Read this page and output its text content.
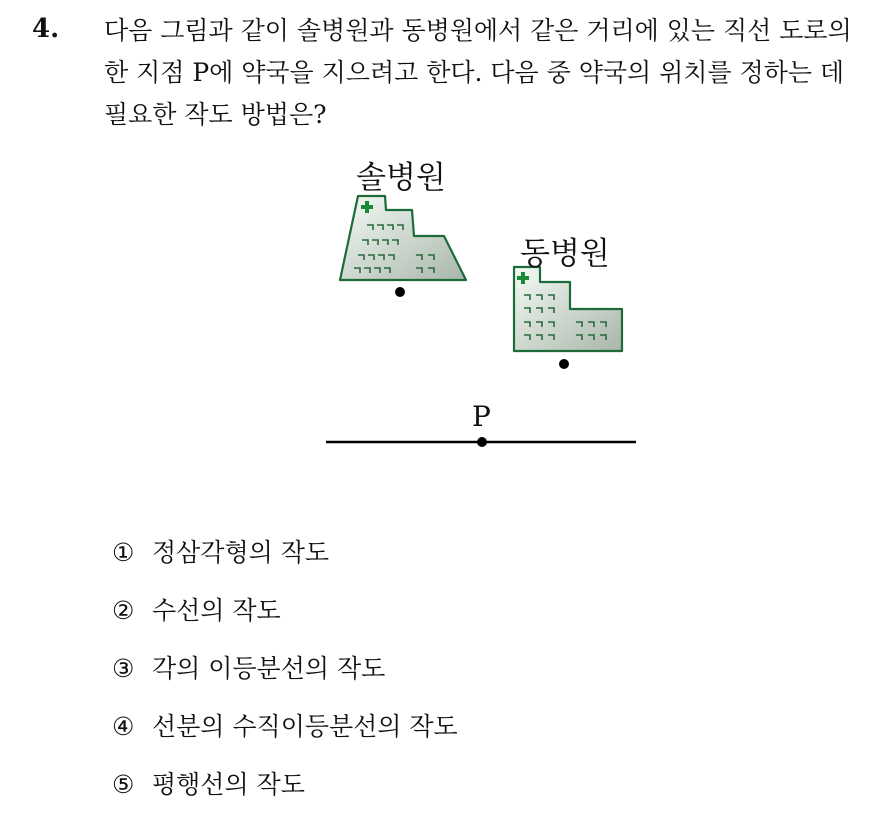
4. 다음 그림과 같이 솔병원과 동병원에서 같은 거리에 있는 직선 도로의
한 지점 P에 약국을 지으려고 한다. 다음 중 약국의 위치를 정하는 데
필요한 작도 방법은?
솔병원
동병원
P
① 정삼각형의 작도
② 수선의 작도
③ 각의 이등분선의 작도
④ 선분의 수직이등분선의 작도
⑤ 평행선의 작도
